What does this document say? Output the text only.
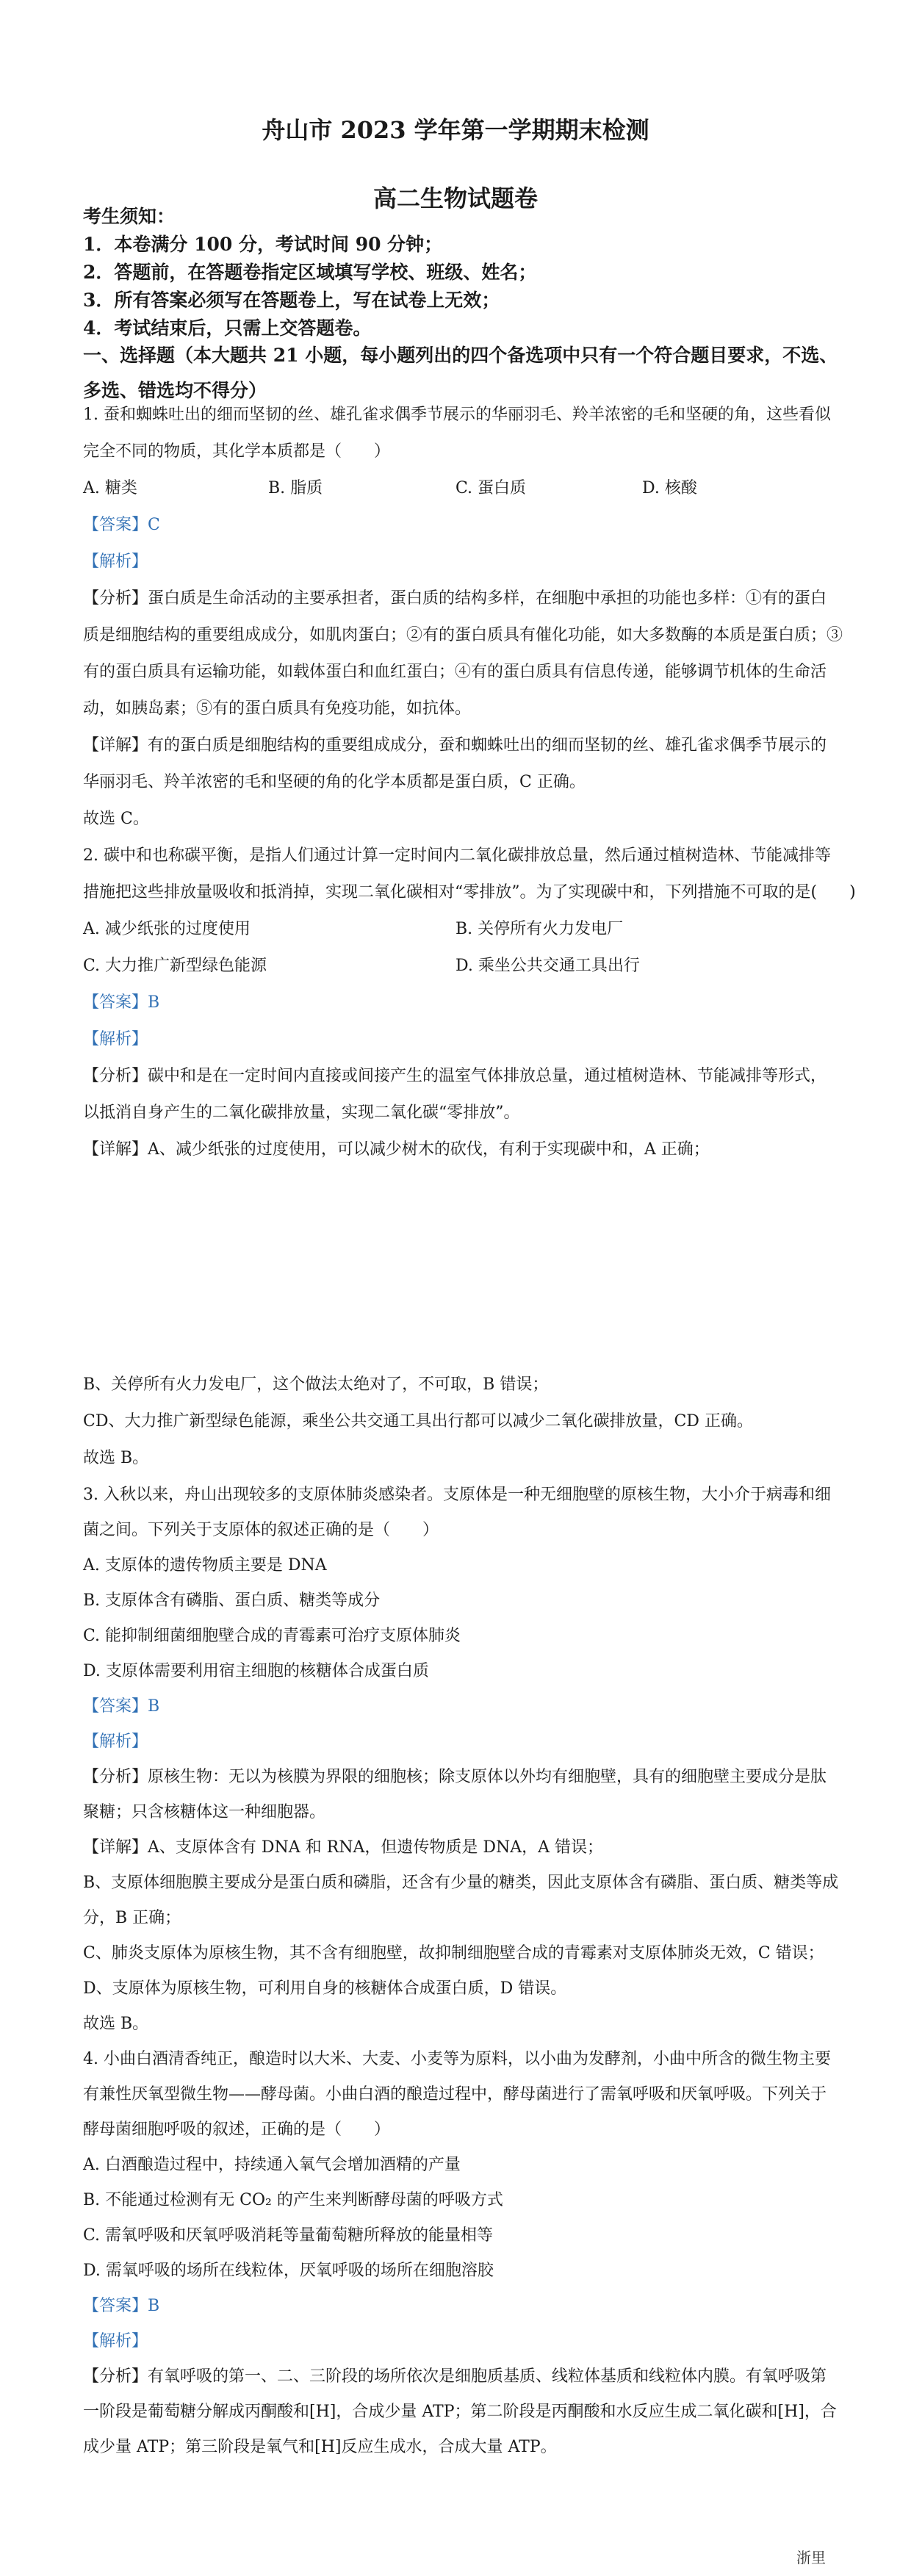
舟山市 2023 学年第一学期期末检测
高二生物试题卷
考生须知：
1．本卷满分 100 分，考试时间 90 分钟；
2．答题前，在答题卷指定区域填写学校、班级、姓名；
3．所有答案必须写在答题卷上，写在试卷上无效；
4．考试结束后，只需上交答题卷。
一、选择题（本大题共 21 小题，每小题列出的四个备选项中只有一个符合题目要求，不选、
多选、错选均不得分）
1. 蚕和蜘蛛吐出的细而坚韧的丝、雄孔雀求偶季节展示的华丽羽毛、羚羊浓密的毛和坚硬的角，这些看似
完全不同的物质，其化学本质都是（　　）
A. 糖类	B. 脂质	C. 蛋白质	D. 核酸
【答案】C
【解析】
【分析】蛋白质是生命活动的主要承担者，蛋白质的结构多样，在细胞中承担的功能也多样：①有的蛋白
质是细胞结构的重要组成成分，如肌肉蛋白；②有的蛋白质具有催化功能，如大多数酶的本质是蛋白质；③
有的蛋白质具有运输功能，如载体蛋白和血红蛋白；④有的蛋白质具有信息传递，能够调节机体的生命活
动，如胰岛素；⑤有的蛋白质具有免疫功能，如抗体。
【详解】有的蛋白质是细胞结构的重要组成成分，蚕和蜘蛛吐出的细而坚韧的丝、雄孔雀求偶季节展示的
华丽羽毛、羚羊浓密的毛和坚硬的角的化学本质都是蛋白质，C 正确。
故选 C。
2. 碳中和也称碳平衡，是指人们通过计算一定时间内二氧化碳排放总量，然后通过植树造林、节能减排等
措施把这些排放量吸收和抵消掉，实现二氧化碳相对“零排放”。为了实现碳中和，下列措施不可取的是(　　)
A. 减少纸张的过度使用	B. 关停所有火力发电厂
C. 大力推广新型绿色能源	D. 乘坐公共交通工具出行
【答案】B
【解析】
【分析】碳中和是在一定时间内直接或间接产生的温室气体排放总量，通过植树造林、节能减排等形式，
以抵消自身产生的二氧化碳排放量，实现二氧化碳“零排放”。
【详解】A、减少纸张的过度使用，可以减少树木的砍伐，有利于实现碳中和，A 正确；
B、关停所有火力发电厂，这个做法太绝对了，不可取，B 错误；
CD、大力推广新型绿色能源，乘坐公共交通工具出行都可以减少二氧化碳排放量，CD 正确。
故选 B。
3. 入秋以来，舟山出现较多的支原体肺炎感染者。支原体是一种无细胞壁的原核生物，大小介于病毒和细
菌之间。下列关于支原体的叙述正确的是（　　）
A. 支原体的遗传物质主要是 DNA
B. 支原体含有磷脂、蛋白质、糖类等成分
C. 能抑制细菌细胞壁合成的青霉素可治疗支原体肺炎
D. 支原体需要利用宿主细胞的核糖体合成蛋白质
【答案】B
【解析】
【分析】原核生物：无以为核膜为界限的细胞核；除支原体以外均有细胞壁，具有的细胞壁主要成分是肽
聚糖；只含核糖体这一种细胞器。
【详解】A、支原体含有 DNA 和 RNA，但遗传物质是 DNA，A 错误；
B、支原体细胞膜主要成分是蛋白质和磷脂，还含有少量的糖类，因此支原体含有磷脂、蛋白质、糖类等成
分，B 正确；
C、肺炎支原体为原核生物，其不含有细胞壁，故抑制细胞壁合成的青霉素对支原体肺炎无效，C 错误；
D、支原体为原核生物，可利用自身的核糖体合成蛋白质，D 错误。
故选 B。
4. 小曲白酒清香纯正，酿造时以大米、大麦、小麦等为原料，以小曲为发酵剂，小曲中所含的微生物主要
有兼性厌氧型微生物——酵母菌。小曲白酒的酿造过程中，酵母菌进行了需氧呼吸和厌氧呼吸。下列关于
酵母菌细胞呼吸的叙述，正确的是（　　）
A. 白酒酿造过程中，持续通入氧气会增加酒精的产量
B. 不能通过检测有无 CO₂ 的产生来判断酵母菌的呼吸方式
C. 需氧呼吸和厌氧呼吸消耗等量葡萄糖所释放的能量相等
D. 需氧呼吸的场所在线粒体，厌氧呼吸的场所在细胞溶胶
【答案】B
【解析】
【分析】有氧呼吸的第一、二、三阶段的场所依次是细胞质基质、线粒体基质和线粒体内膜。有氧呼吸第
一阶段是葡萄糖分解成丙酮酸和[H]，合成少量 ATP；第二阶段是丙酮酸和水反应生成二氧化碳和[H]，合
成少量 ATP；第三阶段是氧气和[H]反应生成水，合成大量 ATP。
浙里
